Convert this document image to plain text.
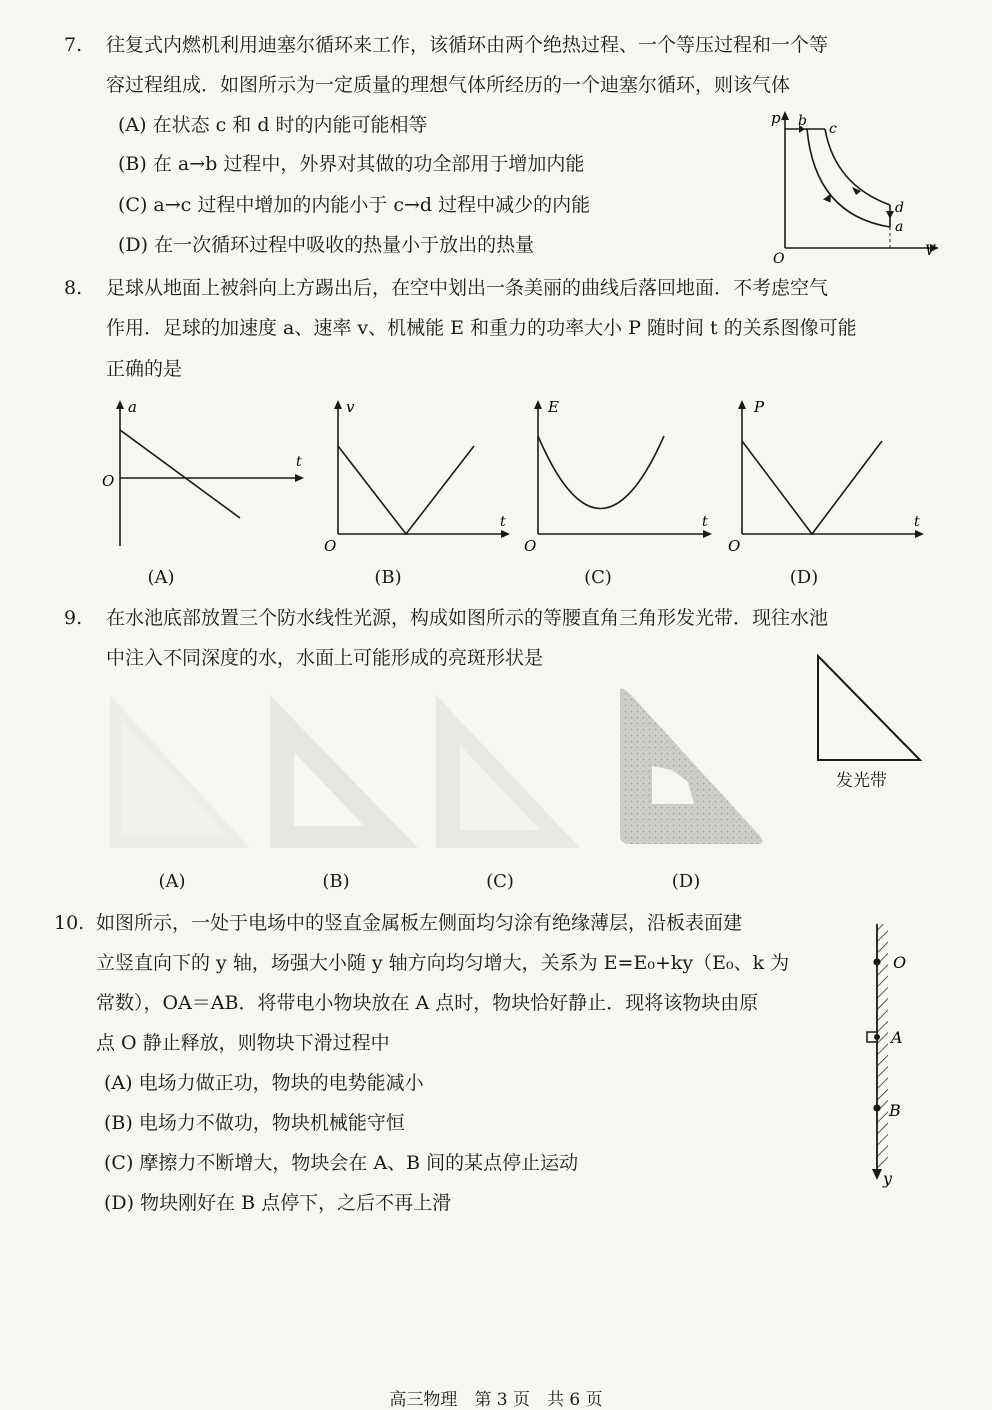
7. 往复式内燃机利用迪塞尔循环来工作，该循环由两个绝热过程、一个等压过程和一个等
容过程组成．如图所示为一定质量的理想气体所经历的一个迪塞尔循环，则该气体
(A) 在状态 c 和 d 时的内能可能相等
(B) 在 a→b 过程中，外界对其做的功全部用于增加内能
(C) a→c 过程中增加的内能小于 c→d 过程中减少的内能
(D) 在一次循环过程中吸收的热量小于放出的热量
p b c
d
a
O	V
8. 足球从地面上被斜向上方踢出后，在空中划出一条美丽的曲线后落回地面．不考虑空气
作用．足球的加速度 a、速率 v、机械能 E 和重力的功率大小 P 随时间 t 的关系图像可能
正确的是
a
t
O
(A)
v
t
O
(B)
E
t
O
(C)
P
t
O
(D)
9. 在水池底部放置三个防水线性光源，构成如图所示的等腰直角三角形发光带．现往水池
中注入不同深度的水，水面上可能形成的亮斑形状是
发光带
(A)	(B)	(C)	(D)
10. 如图所示，一处于电场中的竖直金属板左侧面均匀涂有绝缘薄层，沿板表面建
立竖直向下的 y 轴，场强大小随 y 轴方向均匀增大，关系为 E=E₀+ky（E₀、k 为
常数），OA＝AB．将带电小物块放在 A 点时，物块恰好静止．现将该物块由原
点 O 静止释放，则物块下滑过程中
(A) 电场力做正功，物块的电势能减小
(B) 电场力不做功，物块机械能守恒
(C) 摩擦力不断增大，物块会在 A、B 间的某点停止运动
(D) 物块刚好在 B 点停下，之后不再上滑
O
A
B
y
高三物理　第 3 页　共 6 页
